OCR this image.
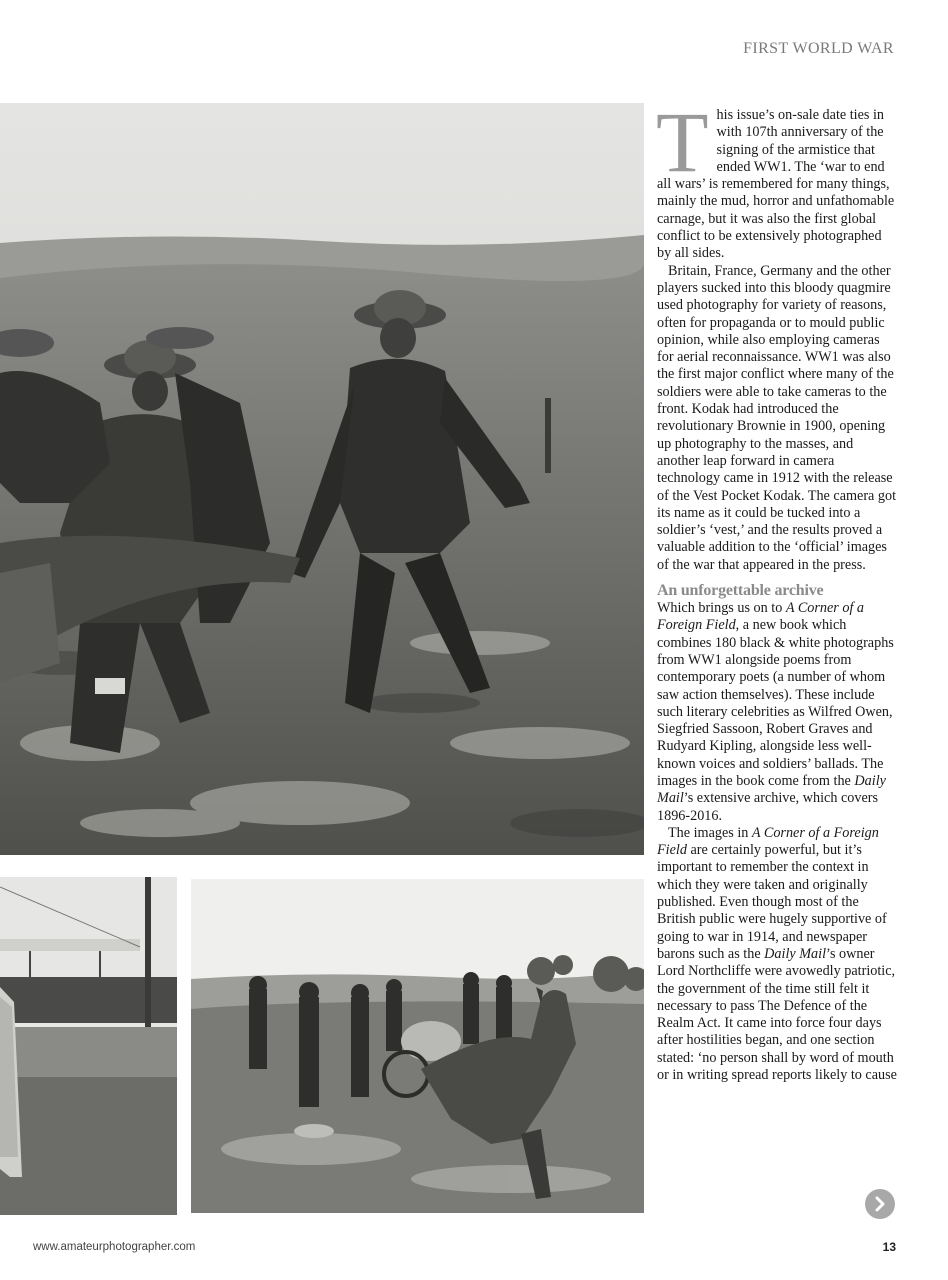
FIRST WORLD WAR

This issue’s on-sale date ties in with 107th anniversary of the signing of the armistice that ended WW1. The ‘war to end all wars’ is remembered for many things, mainly the mud, horror and unfathomable carnage, but it was also the first global conflict to be extensively photographed by all sides.

Britain, France, Germany and the other players sucked into this bloody quagmire used photography for variety of reasons, often for propaganda or to mould public opinion, while also employing cameras for aerial reconnaissance. WW1 was also the first major conflict where many of the soldiers were able to take cameras to the front. Kodak had introduced the revolutionary Brownie in 1900, opening up photography to the masses, and another leap forward in camera technology came in 1912 with the release of the Vest Pocket Kodak. The camera got its name as it could be tucked into a soldier’s ‘vest,’ and the results proved a valuable addition to the ‘official’ images of the war that appeared in the press.

An unforgettable archive

Which brings us on to A Corner of a Foreign Field, a new book which combines 180 black & white photographs from WW1 alongside poems from contemporary poets (a number of whom saw action themselves). These include such literary celebrities as Wilfred Owen, Siegfried Sassoon, Robert Graves and Rudyard Kipling, alongside less well-known voices and soldiers’ ballads. The images in the book come from the Daily Mail’s extensive archive, which covers 1896-2016.

The images in A Corner of a Foreign Field are certainly powerful, but it’s important to remember the context in which they were taken and originally published. Even though most of the British public were hugely supportive of going to war in 1914, and newspaper barons such as the Daily Mail’s owner Lord Northcliffe were avowedly patriotic, the government of the time still felt it necessary to pass The Defence of the Realm Act. It came into force four days after hostilities began, and one section stated: ‘no person shall by word of mouth or in writing spread reports likely to cause

www.amateurphotographer.com	13
